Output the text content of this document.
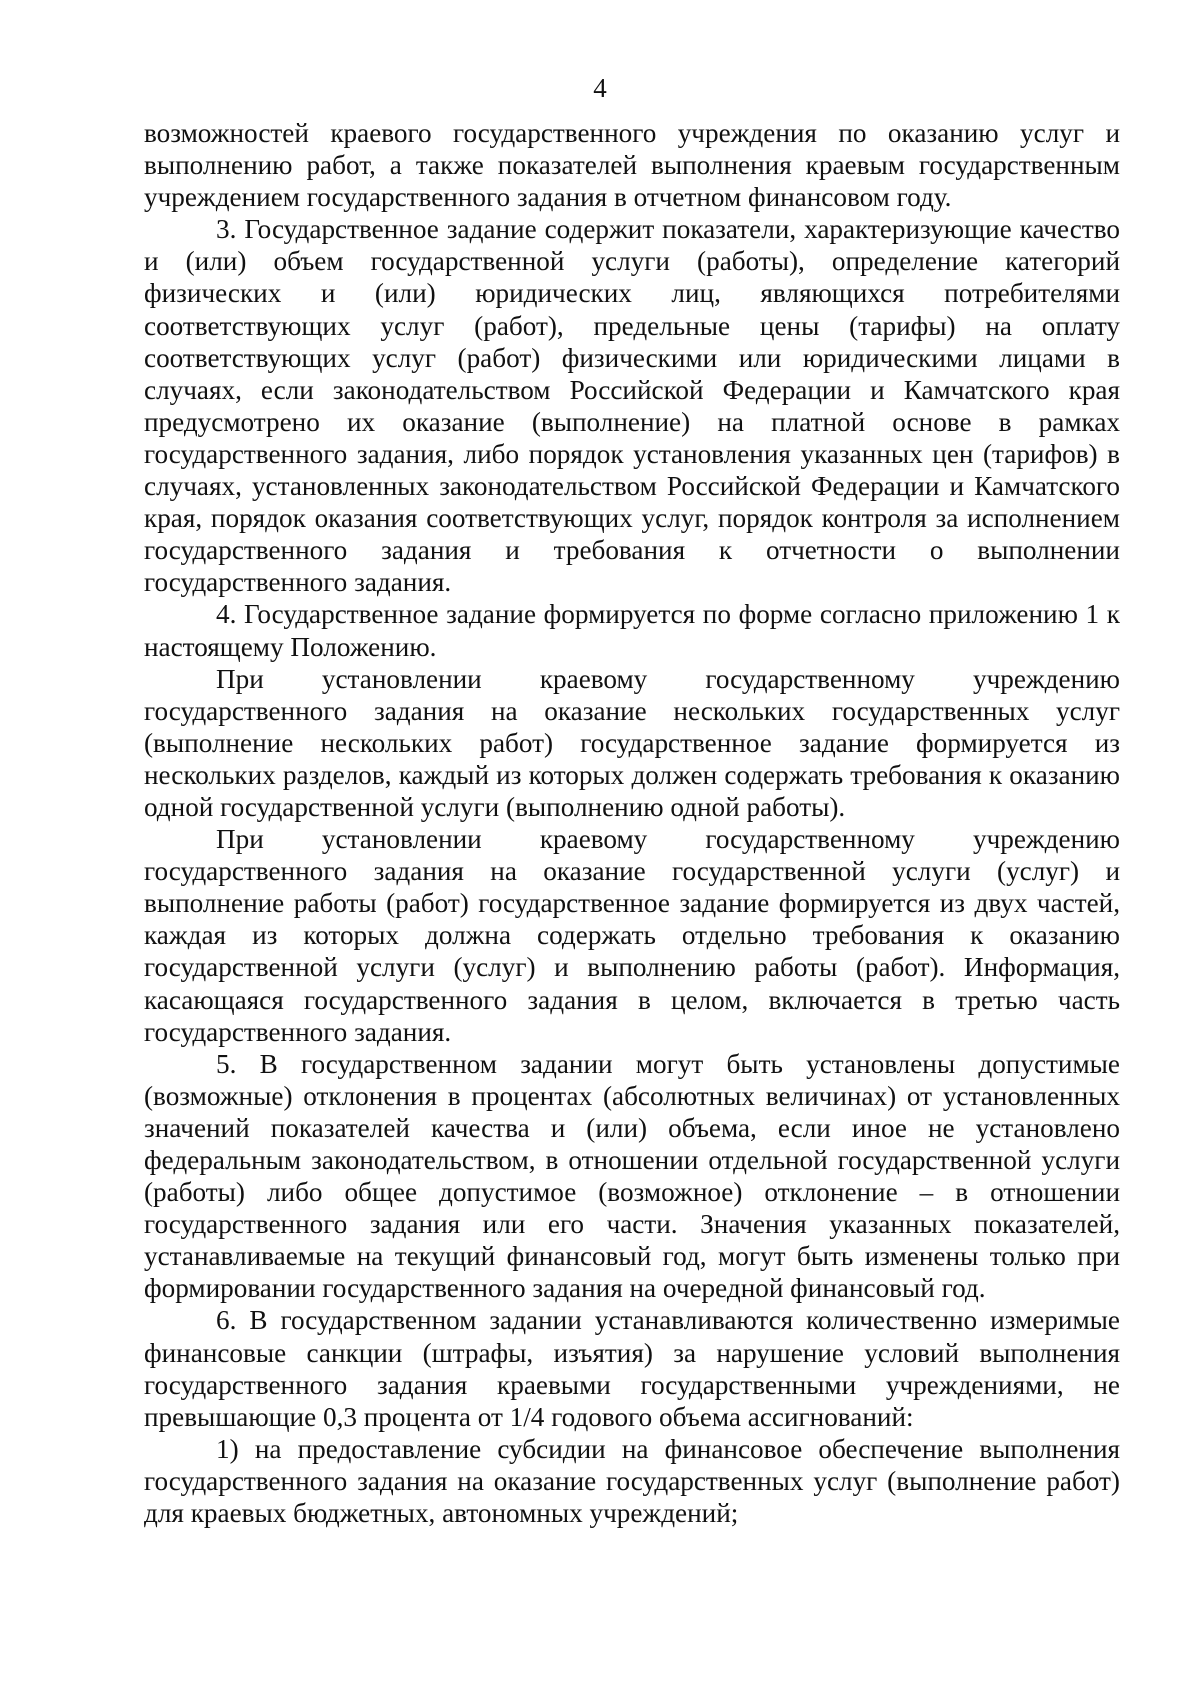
4

возможностей краевого государственного учреждения по оказанию услуг и выполнению работ, а также показателей выполнения краевым государственным учреждением государственного задания в отчетном финансовом году.

3. Государственное задание содержит показатели, характеризующие качество и (или) объем государственной услуги (работы), определение категорий физических и (или) юридических лиц, являющихся потребителями соответствующих услуг (работ), предельные цены (тарифы) на оплату соответствующих услуг (работ) физическими или юридическими лицами в случаях, если законодательством Российской Федерации и Камчатского края предусмотрено их оказание (выполнение) на платной основе в рамках государственного задания, либо порядок установления указанных цен (тарифов) в случаях, установленных законодательством Российской Федерации и Камчатского края, порядок оказания соответствующих услуг, порядок контроля за исполнением государственного задания и требования к отчетности о выполнении государственного задания.

4. Государственное задание формируется по форме согласно приложению 1 к настоящему Положению.

При установлении краевому государственному учреждению государственного задания на оказание нескольких государственных услуг (выполнение нескольких работ) государственное задание формируется из нескольких разделов, каждый из которых должен содержать требования к оказанию одной государственной услуги (выполнению одной работы).

При установлении краевому государственному учреждению государственного задания на оказание государственной услуги (услуг) и выполнение работы (работ) государственное задание формируется из двух частей, каждая из которых должна содержать отдельно требования к оказанию государственной услуги (услуг) и выполнению работы (работ). Информация, касающаяся государственного задания в целом, включается в третью часть государственного задания.

5. В государственном задании могут быть установлены допустимые (возможные) отклонения в процентах (абсолютных величинах) от установленных значений показателей качества и (или) объема, если иное не установлено федеральным законодательством, в отношении отдельной государственной услуги (работы) либо общее допустимое (возможное) отклонение – в отношении государственного задания или его части. Значения указанных показателей, устанавливаемые на текущий финансовый год, могут быть изменены только при формировании государственного задания на очередной финансовый год.

6. В государственном задании устанавливаются количественно измеримые финансовые санкции (штрафы, изъятия) за нарушение условий выполнения государственного задания краевыми государственными учреждениями, не превышающие 0,3 процента от 1/4 годового объема ассигнований:

1) на предоставление субсидии на финансовое обеспечение выполнения государственного задания на оказание государственных услуг (выполнение работ) для краевых бюджетных, автономных учреждений;
